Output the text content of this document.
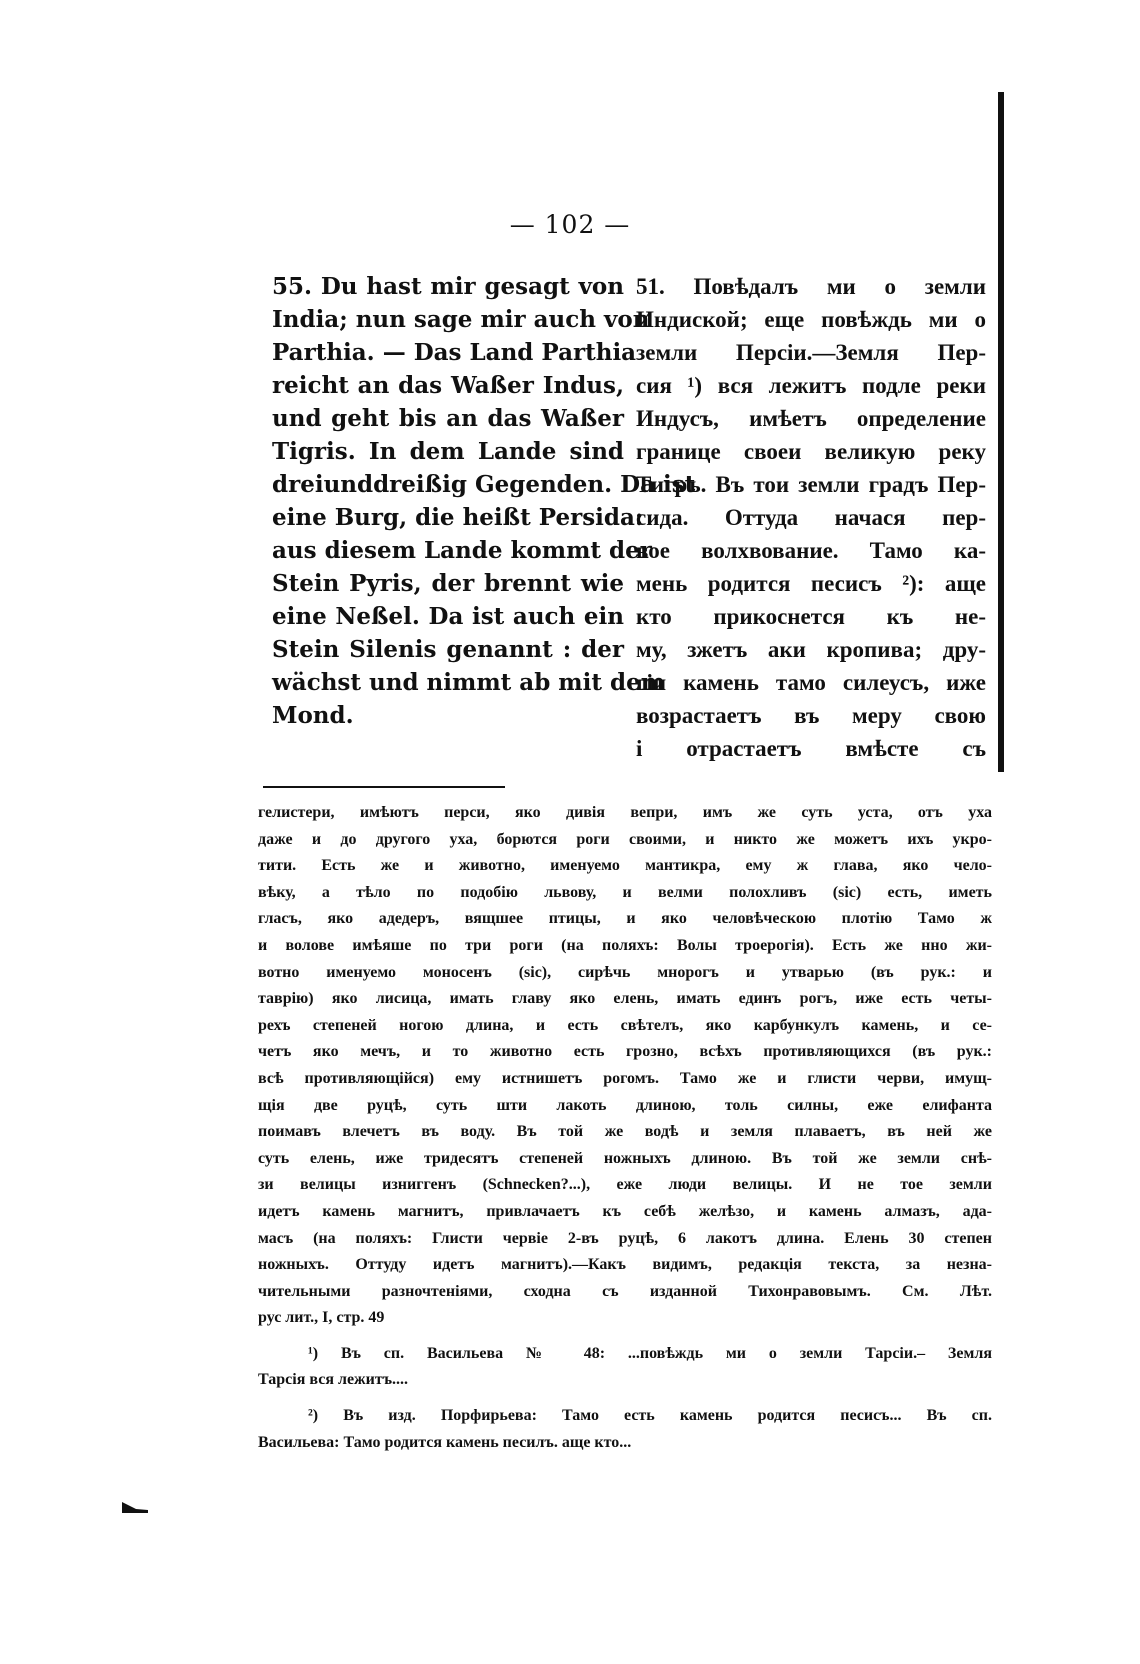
— 102 —
55. Du hast mir gesagt von
India; nun sage mir auch von
Parthia. — Das Land Parthia
reicht an das Waßer Indus,
und geht bis an das Waßer
Tigris. In dem Lande sind
dreiunddreißig Gegenden. Da ist
eine Burg, die heißt Persida:
aus diesem Lande kommt der
Stein Pyris, der brennt wie
eine Neßel. Da ist auch ein
Stein Silenis genannt : der
wächst und nimmt ab mit dem
Mond.
51. Повѣдалъ ми о земли
Индиской; еще повѣждь ми о
земли Персiи.—Земля Пер-
сия ¹) вся лежитъ подле реки
Индусъ, имѣетъ определение
границе своеи великую реку
Тигръ. Въ тои земли градъ Пер-
сида. Оттуда начася пер-
вое волхвование. Тамо ка-
мень родится песисъ ²): аще
кто прикоснется къ не-
му, зжетъ аки кропива; дру-
гiи камень тамо силеусъ, иже
возрастаетъ въ меру свою
i отрастаетъ вмѣсте съ
гелистери, имѣютъ перси, яко дивiя вепри, имъ же суть уста, отъ уха
даже и до другого уха, борются роги своими, и никто же можетъ ихъ укро-
тити. Есть же и животно, именуемо мантикра, ему ж глава, яко чело-
вѣку, а тѣло по подобiю львову, и велми полохливъ (sic) есть, иметь
гласъ, яко адедеръ, вящшее птицы, и яко человѣческою плотiю Тамо ж
и волове имѣяше по три роги (на поляхъ: Волы троерогiя). Есть же нно жи-
вотно именуемо моносенъ (sic), сирѣчь мнорогъ и утварью (въ рук.: и
таврiю) яко лисица, имать главу яко елень, имать единъ рогъ, иже есть четы-
рехъ степеней ногою длина, и есть свѣтелъ, яко карбункулъ камень, и се-
четъ яко мечъ, и то животно есть грозно, всѣхъ противляющихся (въ рук.:
всѣ противляющiйся) ему истнишетъ рогомъ. Тамо же и глисти черви, имущ-
щiя две руцѣ, суть шти лакоть длиною, толь силны, еже елифанта
поимавъ влечетъ въ воду. Въ той же водѣ и земля плаваетъ, въ ней же
суть елень, иже тридесятъ степеней ножныхъ длиною. Въ той же земли снѣ-
зи велицы изниггенъ (Schnecken?...), еже люди велицы. И не тое земли
идетъ камень магнитъ, привлачаетъ къ себѣ желѣзо, и камень алмазъ, ада-
масъ (на поляхъ: Глисти червiе 2-въ руцѣ, 6 лакотъ длина. Елень 30 степен
ножныхъ. Оттуду идетъ магнитъ).—Какъ видимъ, редакцiя текста, за незна-
чительными разночтенiями, сходна съ изданной Тихонравовымъ. См. Лѣт.
рус лит., I, стр. 49
¹) Въ сп. Васильева № 48: ...повѣждь ми о земли Тарсiи.– Земля
Тарсiя вся лежитъ....
²) Въ изд. Порфирьева: Тамо есть камень родится песисъ... Въ сп.
Васильева: Тамо родится камень песилъ. аще кто...
